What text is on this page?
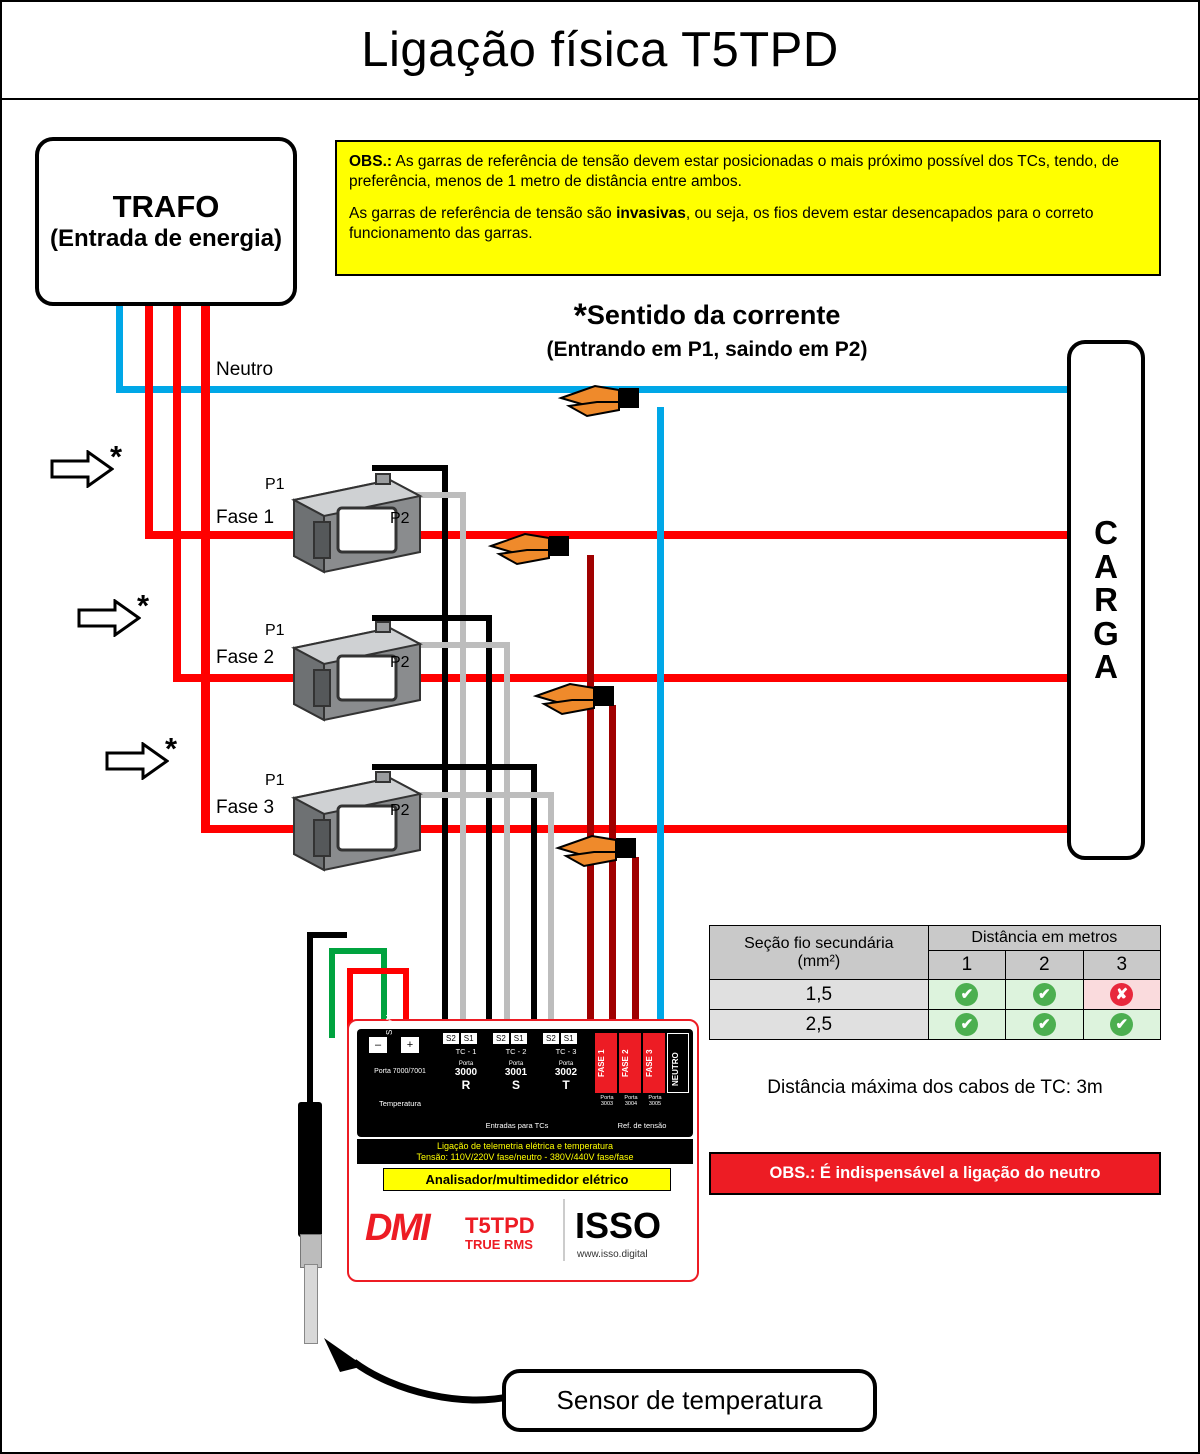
Ligação física T5TPD
TRAFO
(Entrada de energia)

OBS.: As garras de referência de tensão devem estar posicionadas o mais próximo possível dos TCs, tendo, de preferência, menos de 1 metro de distância entre ambos.

As garras de referência de tensão são invasivas, ou seja, os fios devem estar desencapados para o correto funcionamento das garras.

*Sentido da corrente
(Entrando em P1, saindo em P2)
Neutro
Fase 1
Fase 2
Fase 3
*
*
*
P1
P2
P1
P2
P1
P2
C
A
R
G
A
Seção fio secundária
(mm²)	Distância em metros		
	1	2	3
1,5	✔	✔	✘
2,5	✔	✔	✔
Distância máxima dos cabos de TC: 3m
OBS.: É indispensável a ligação do neutro
–	+
SINAL
Porta 7000/7001
Temperatura
S2	S1
TC - 1
Porta
3000
R
S2	S1
TC - 2
Porta
3001
S
S2	S1
TC - 3
Porta
3002
T
Entradas para TCs
FASE 1 FASE 2 FASE 3 NEUTRO
Porta
3003
Porta
3004
Porta
3005
Ref. de tensão
Ligação de telemetria elétrica e temperatura
Tensão: 110V/220V fase/neutro - 380V/440V fase/fase
Analisador/multimedidor elétrico
DMI T5TPD
TRUE RMS ISSO
www.isso.digital
Sensor de temperatura
